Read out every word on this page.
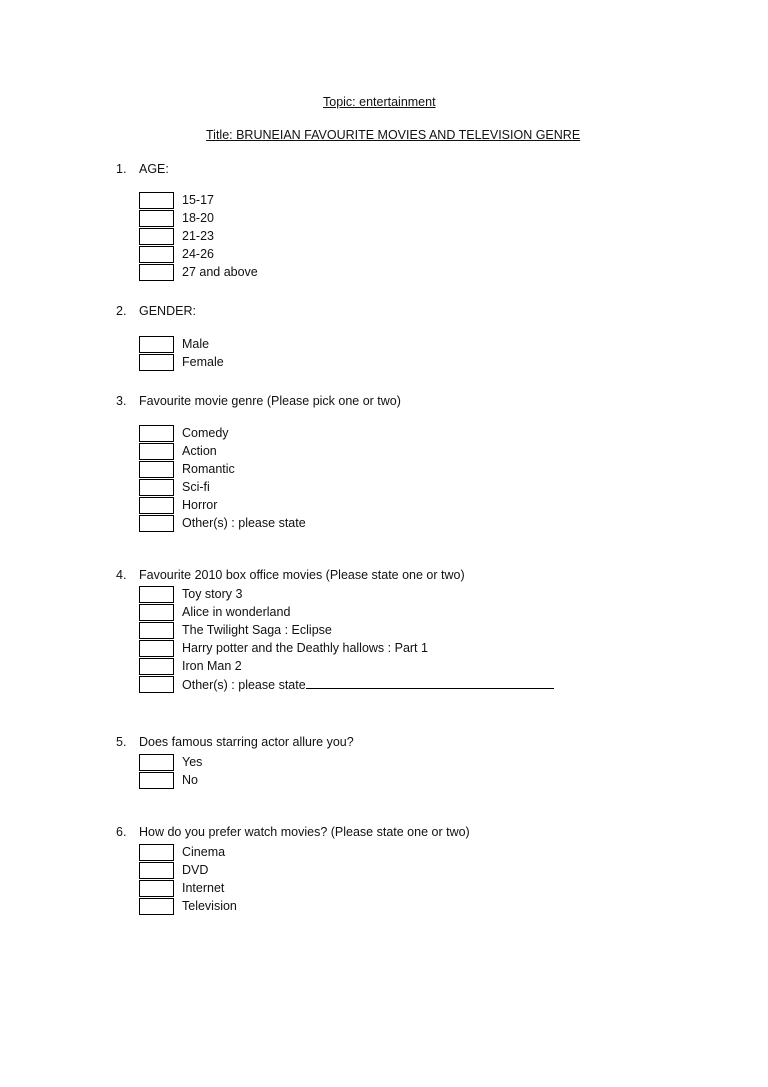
Topic: entertainment
Title: BRUNEIAN FAVOURITE MOVIES AND TELEVISION GENRE
1. AGE:
15-17
18-20
21-23
24-26
27 and above
2. GENDER:
Male
Female
3. Favourite movie genre (Please pick one or two)
Comedy
Action
Romantic
Sci-fi
Horror
Other(s) : please state
4. Favourite 2010 box office movies (Please state one or two)
Toy story 3
Alice in wonderland
The Twilight Saga : Eclipse
Harry potter and the Deathly hallows : Part 1
Iron Man 2
Other(s) : please state
5. Does famous starring actor allure you?
Yes
No
6. How do you prefer watch movies? (Please state one or two)
Cinema
DVD
Internet
Television
